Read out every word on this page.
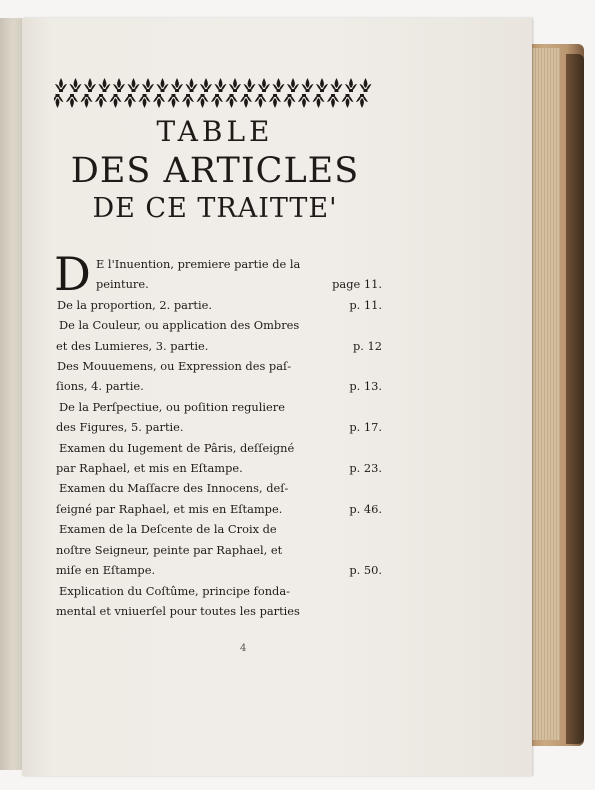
TABLE
DES ARTICLES
DE CE TRAITTE'
D E l'Inuention, premiere partie de la
peinture.	page 11.
De la proportion, 2. partie.	p. 11.
De la Couleur, ou application des Ombres
et des Lumieres, 3. partie.	p. 12
Des Mouuemens, ou Expression des paſ-
ſions, 4. partie.	p. 13.
De la Perſpectiue, ou poſition reguliere
des Figures, 5. partie.	p. 17.
Examen du Iugement de Pâris, deſſeigné
par Raphael, et mis en Eſtampe.	p. 23.
Examen du Maſſacre des Innocens, deſ-
ſeigné par Raphael, et mis en Eſtampe.	p. 46.
Examen de la Deſcente de la Croix de
noſtre Seigneur, peinte par Raphael, et
miſe en Eſtampe.	p. 50.
Explication du Coſtûme, principe fonda-
mental et vniuerſel pour toutes les parties
4
